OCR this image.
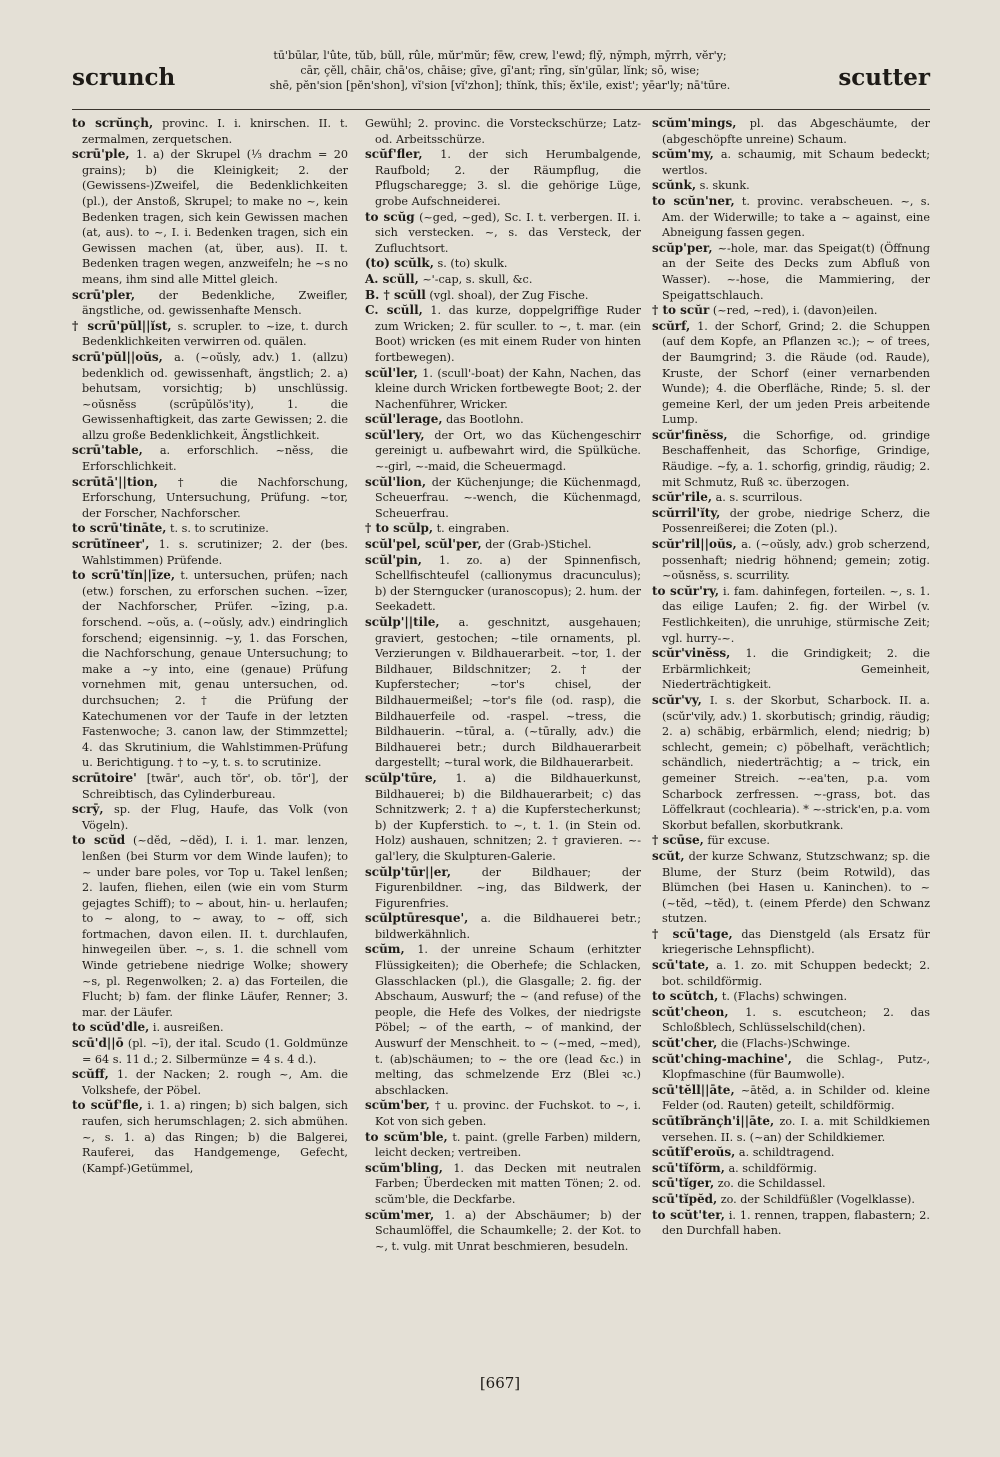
scrunch
tū'būlar, l'ûte, tŭb, bŭll, rûle, mŭr'mŭr; fēw, crew, l'ewd; flȳ, nȳmph, mȳrrh, vĕr'y;
cār, çĕll, chāir, chā'os, chāise; gīve, gī'ant; rīng, sĭn'gūlar, lĭnk; sō, wise;
shē, pĕn'sion [pĕn'shon], vĭ'sion [vĭ'zhon]; thĭnk, thĭs; ĕx'ile, exist'; yēar'ly; nā'tūre.	scutter

to scrŭnçh, provinc. I. i. knirschen. II. t. zermalmen, zerquetschen.

scrū'ple, 1. a) der Skrupel (⅓ drachm = 20 grains); b) die Kleinigkeit; 2. der (Gewissens-)Zweifel, die Bedenklichkeiten (pl.), der Anstoß, Skrupel; to make no ~, kein Bedenken tragen, sich kein Gewissen machen (at, aus). to ~, I. i. Bedenken tragen, sich ein Gewissen machen (at, über, aus). II. t. Bedenken tragen wegen, anzweifeln; he ~s no means, ihm sind alle Mittel gleich.

scrū'pler, der Bedenkliche, Zweifler, ängstliche, od. gewissenhafte Mensch.

† scrū'pŭl||ĭst, s. scrupler. to ~ize, t. durch Bedenklichkeiten verwirren od. quälen.

scrū'pŭl||oŭs, a. (~oŭsly, adv.) 1. (allzu) bedenklich od. gewissenhaft, ängstlich; 2. a) behutsam, vorsichtig; b) unschlüssig. ~oŭsnĕss (scrūpŭlŏs'ity), 1. die Gewissenhaftigkeit, das zarte Gewissen; 2. die allzu große Bedenklichkeit, Ängstlichkeit.

scrū'table, a. erforschlich. ~nĕss, die Erforschlichkeit.

scrūtā'||tion, † die Nachforschung, Erforschung, Untersuchung, Prüfung. ~tor, der Forscher, Nachforscher.

to scrū'tināte, t. s. to scrutinize.

scrūtĭneer', 1. s. scrutinizer; 2. der (bes. Wahlstimmen) Prüfende.

to scrū'tĭn||īze, t. untersuchen, prüfen; nach (etw.) forschen, zu erforschen suchen. ~īzer, der Nachforscher, Prüfer. ~īzing, p.a. forschend. ~oŭs, a. (~oŭsly, adv.) eindringlich forschend; eigensinnig. ~y, 1. das Forschen, die Nachforschung, genaue Untersuchung; to make a ~y into, eine (genaue) Prüfung vornehmen mit, genau untersuchen, od. durchsuchen; 2. † die Prüfung der Katechumenen vor der Taufe in der letzten Fastenwoche; 3. canon law, der Stimmzettel; 4. das Skrutinium, die Wahlstimmen-Prüfung u. Berichtigung. † to ~y, t. s. to scrutinize.

scrūtoire' [twār', auch tŏr', ob. tōr'], der Schreibtisch, das Cylinderbureau.

scrȳ, sp. der Flug, Haufe, das Volk (von Vögeln).

to scŭd (~dĕd, ~dĕd), I. i. 1. mar. lenzen, lenßen (bei Sturm vor dem Winde laufen); to ~ under bare poles, vor Top u. Takel lenßen; 2. laufen, fliehen, eilen (wie ein vom Sturm gejagtes Schiff); to ~ about, hin- u. herlaufen; to ~ along, to ~ away, to ~ off, sich fortmachen, davon eilen. II. t. durchlaufen, hinwegeilen über. ~, s. 1. die schnell vom Winde getriebene niedrige Wolke; showery ~s, pl. Regenwolken; 2. a) das Forteilen, die Flucht; b) fam. der flinke Läufer, Renner; 3. mar. der Läufer.

to scŭd'dle, i. ausreißen.

scū'd||ō (pl. ~ī), der ital. Scudo (1. Goldmünze = 64 s. 11 d.; 2. Silbermünze = 4 s. 4 d.).

scŭff, 1. der Nacken; 2. rough ~, Am. die Volkshefe, der Pöbel.

to scŭf'fle, i. 1. a) ringen; b) sich balgen, sich raufen, sich herumschlagen; 2. sich abmühen. ~, s. 1. a) das Ringen; b) die Balgerei, Rauferei, das Handgemenge, Gefecht, (Kampf-)Getümmel,

Gewühl; 2. provinc. die Vorsteckschürze; Latz- od. Arbeitsschürze.

scŭf'fler, 1. der sich Herumbalgende, Raufbold; 2. der Räumpflug, die Pflugscharegge; 3. sl. die gehörige Lüge, grobe Aufschneiderei.

to scŭg (~ged, ~ged), Sc. I. t. verbergen. II. i. sich verstecken. ~, s. das Versteck, der Zufluchtsort.

(to) scŭlk, s. (to) skulk.

A. scŭll, ~'-cap, s. skull, &c.

B. † scŭll (vgl. shoal), der Zug Fische.

C. scŭll, 1. das kurze, doppelgriffige Ruder zum Wricken; 2. für sculler. to ~, t. mar. (ein Boot) wricken (es mit einem Ruder von hinten fortbewegen).

scŭl'ler, 1. (scull'-boat) der Kahn, Nachen, das kleine durch Wricken fortbewegte Boot; 2. der Nachenführer, Wricker.

scŭl'lerage, das Bootlohn.

scŭl'lery, der Ort, wo das Küchengeschirr gereinigt u. aufbewahrt wird, die Spülküche. ~-girl, ~-maid, die Scheuermagd.

scŭl'lion, der Küchenjunge; die Küchenmagd, Scheuerfrau. ~-wench, die Küchenmagd, Scheuerfrau.

† to scŭlp, t. eingraben.

scŭl'pel, scŭl'per, der (Grab-)Stichel.

scŭl'pin, 1. zo. a) der Spinnenfisch, Schellfischteufel (callionymus dracunculus); b) der Sterngucker (uranoscopus); 2. hum. der Seekadett.

scŭlp'||tile, a. geschnitzt, ausgehauen; graviert, gestochen; ~tile ornaments, pl. Verzierungen v. Bildhauerarbeit. ~tor, 1. der Bildhauer, Bildschnitzer; 2. † der Kupferstecher; ~tor's chisel, der Bildhauermeißel; ~tor's file (od. rasp), die Bildhauerfeile od. -raspel. ~tress, die Bildhauerin. ~tūral, a. (~tūrally, adv.) die Bildhauerei betr.; durch Bildhauerarbeit dargestellt; ~tural work, die Bildhauerarbeit.

scŭlp'tūre, 1. a) die Bildhauerkunst, Bildhauerei; b) die Bildhauerarbeit; c) das Schnitzwerk; 2. † a) die Kupferstecherkunst; b) der Kupferstich. to ~, t. 1. (in Stein od. Holz) aushauen, schnitzen; 2. † gravieren. ~-gal'lery, die Skulpturen-Galerie.

scŭlp'tūr||er,	der Bildhauer; der Figurenbildner. ~ing, das Bildwerk, der Figurenfries.

scŭlptūresque', a. die Bildhauerei betr.; bildwerkähnlich.

scŭm, 1. der unreine Schaum (erhitzter Flüssigkeiten); die Oberhefe; die Schlacken, Glasschlacken (pl.), die Glasgalle; 2. fig. der Abschaum, Auswurf; the ~ (and refuse) of the people, die Hefe des Volkes, der niedrigste Pöbel; ~ of the earth, ~ of mankind, der Auswurf der Menschheit. to ~ (~med, ~med), t. (ab)schäumen; to ~ the ore (lead &c.) in melting, das schmelzende Erz (Blei ꝛc.) abschlacken.

scŭm'ber, † u. provinc. der Fuchskot. to ~, i. Kot von sich geben.

to scŭm'ble, t. paint. (grelle Farben) mildern, leicht decken; vertreiben.

scŭm'bling, 1. das Decken mit neutralen Farben; Überdecken mit matten Tönen; 2. od. scŭm'ble, die Deckfarbe.

scŭm'mer, 1. a) der Abschäumer; b) der Schaumlöffel, die Schaumkelle; 2. der Kot. to ~, t. vulg. mit Unrat beschmieren, besudeln.

scŭm'mings, pl. das Abgeschäumte, der (abgeschöpfte unreine) Schaum.

scŭm'my, a. schaumig, mit Schaum bedeckt; wertlos.

scŭnk, s. skunk.

to scŭn'ner, t. provinc. verabscheuen. ~, s. Am. der Widerwille; to take a ~ against, eine Abneigung fassen gegen.

scŭp'per, ~-hole, mar. das Speigat(t) (Öffnung an der Seite des Decks zum Abfluß von Wasser). ~-hose, die Mammiering, der Speigattschlauch.

† to scŭr (~red, ~red), i. (davon)eilen.

scŭrf, 1. der Schorf, Grind; 2. die Schuppen (auf dem Kopfe, an Pflanzen ꝛc.); ~ of trees, der Baumgrind; 3. die Räude (od. Raude), Kruste, der Schorf (einer vernarbenden Wunde); 4. die Oberfläche, Rinde; 5. sl. der gemeine Kerl, der um jeden Preis arbeitende Lump.

scŭr'finĕss, die Schorfige, od. grindige Beschaffenheit, das Schorfige, Grindige, Räudige. ~fy, a. 1. schorfig, grindig, räudig; 2. mit Schmutz, Ruß ꝛc. überzogen.

scŭr'rile, a. s. scurrilous.

scŭrril'ĭty, der grobe, niedrige Scherz, die Possenreißerei; die Zoten (pl.).

scŭr'ril||oŭs, a. (~oŭsly, adv.) grob scherzend, possenhaft; niedrig höhnend; gemein; zotig. ~oŭsnĕss, s. scurrility.

to scŭr'ry, i. fam. dahinfegen, forteilen. ~, s. 1. das eilige Laufen; 2. fig. der Wirbel (v. Festlichkeiten), die unruhige, stürmische Zeit; vgl. hurry-~.

scŭr'vinĕss, 1. die Grindigkeit; 2. die Erbärmlichkeit; Gemeinheit, Niederträchtigkeit.

scŭr'vy, I. s. der Skorbut, Scharbock. II. a. (scŭr'vily, adv.) 1. skorbutisch; grindig, räudig; 2. a) schäbig, erbärmlich, elend; niedrig; b) schlecht, gemein; c) pöbelhaft, verächtlich; schändlich, niederträchtig; a ~ trick, ein gemeiner Streich. ~-ea'ten, p.a. vom Scharbock zerfressen. ~-grass, bot. das Löffelkraut (cochlearia). * ~-strick'en, p.a. vom Skorbut befallen, skorbutkrank.

† scūse, für excuse.

scŭt, der kurze Schwanz, Stutzschwanz; sp. die Blume, der Sturz (beim Rotwild), das Blümchen (bei Hasen u. Kaninchen). to ~ (~tĕd, ~tĕd), t. (einem Pferde) den Schwanz stutzen.

† scū'tage, das Dienstgeld (als Ersatz für kriegerische Lehnspflicht).

scū'tate, a. 1. zo. mit Schuppen bedeckt; 2. bot. schildförmig.

to scŭtch, t. (Flachs) schwingen.

scŭt'cheon, 1. s. escutcheon; 2. das Schloßblech, Schlüsselschild(chen).

scŭt'cher, die (Flachs-)Schwinge.

scŭt'ching-machine', die Schlag-, Putz-, Klopfmaschine (für Baumwolle).

scū'tĕll||āte, ~ātĕd, a. in Schilder od. kleine Felder (od. Rauten) geteilt, schildförmig.

scūtĭbrănçh'i||āte, zo. I. a. mit Schildkiemen versehen. II. s. (~an) der Schildkiemer.

scūtĭf'eroŭs, a. schildtragend.

scū'tĭfŏrm, a. schildförmig.

scū'tĭger, zo. die Schildassel.

scū'tĭpĕd, zo. der Schildfüßler (Vogelklasse).

to scŭt'ter, i. 1. rennen, trappen, flabastern; 2. den Durchfall haben.

[667]
